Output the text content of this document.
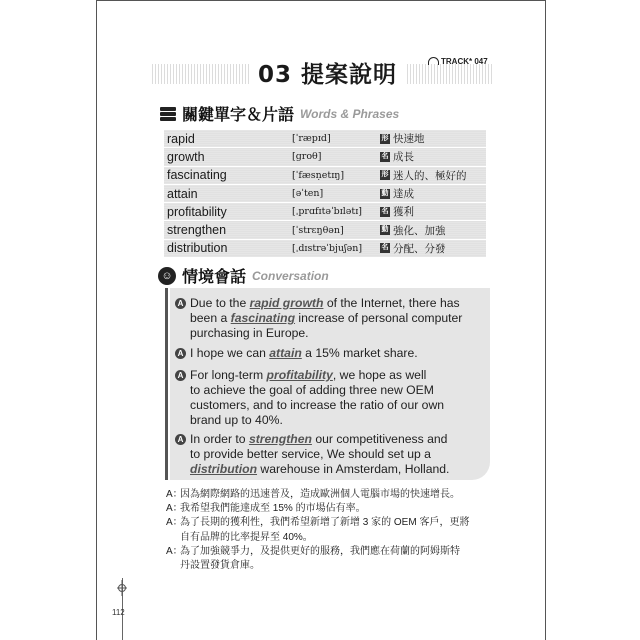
03 提案說明
TRACK* 047
關鍵單字＆片語 Words & Phrases
rapid	[ˈræpɪd]	形 快速地
growth	[groθ]	名 成長
fascinating	[ˈfæsṇetɪŋ]	形 迷人的、極好的
attain	[əˈten]	動 達成
profitability	[ˌprɑfɪtəˈbɪlətɪ]	名 獲利
strengthen	[ˈstrɛŋθən]	動 強化、加強
distribution	[ˌdɪstrəˈbjuʃən]	名 分配、分發
☺ 情境會話 Conversation
A Due to the rapid growth of the Internet, there has
been a fascinating increase of personal computer
purchasing in Europe.
A I hope we can attain a 15% market share.
A For long-term profitability, we hope as well
to achieve the goal of adding three new OEM
customers, and to increase the ratio of our own
brand up to 40%.
A In order to strengthen our competitiveness and
to provide better service, We should set up a
distribution warehouse in Amsterdam, Holland.
A：
因為網際網路的迅速普及，造成歐洲個人電腦市場的快速增長。
A：
我希望我們能達成至 15% 的市場佔有率。
A：
為了長期的獲利性，我們希望新增了新增 3 家的 OEM 客戶，更將
自有品牌的比率提昇至 40%。
A：
為了加強競爭力，及提供更好的服務，我們應在荷蘭的阿姆斯特
丹設置發貨倉庫。
112
